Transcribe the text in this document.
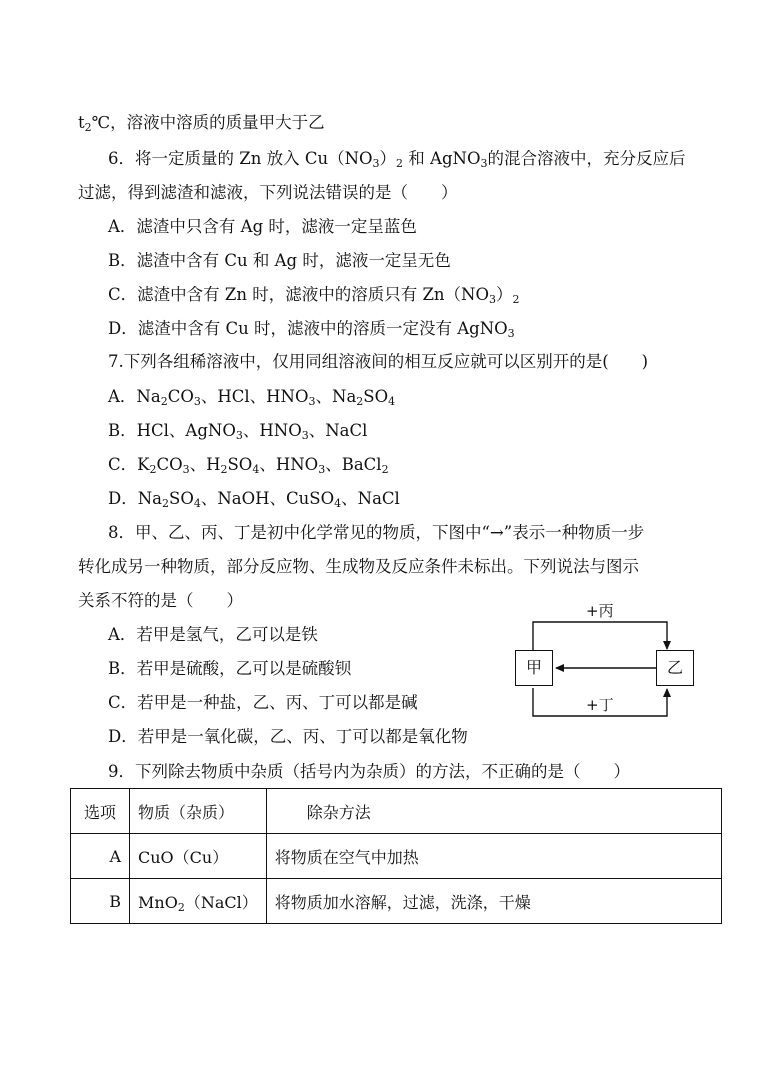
$t_2℃$，溶液中溶质的质量甲大于乙
6．将一定质量的 Zn 放入 $Cu(NO_3)_2$ 和 AgNO$_3$的混合溶液中，充分反应后
过滤，得到滤渣和滤液，下列说法错误的是（　　）
A．滤渣中只含有 Ag 时，滤液一定呈蓝色
B．滤渣中含有 Cu 和 Ag 时，滤液一定呈无色
C．滤渣中含有 Zn 时，滤液中的溶质只有 $Zn(NO_3)_2$
D．滤渣中含有 Cu 时，滤液中的溶质一定没有 AgNO$_3$
7.下列各组稀溶液中，仅用同组溶液间的相互反应就可以区别开的是(　　)
A．$Na_2CO_3$、HCl、$HNO_3$、$Na_2SO_4$
B．HCl、AgNO$_3$、$HNO_3$、NaCl
C．$K_2CO_3$、$H_2SO_4$、$HNO_3$、BaCl$_2$
D．$Na_2SO_4$、NaOH、CuSO$_4$、NaCl
8．甲、乙、丙、丁是初中化学常见的物质，下图中“→”表示一种物质一步
转化成另一种物质，部分反应物、生成物及反应条件未标出。下列说法与图示
关系不符的是（　　）
A．若甲是氢气，乙可以是铁
B．若甲是硫酸，乙可以是硫酸钡
C．若甲是一种盐，乙、丙、丁可以都是碱
D．若甲是一氧化碳，乙、丙、丁可以都是氧化物
甲	乙
+丙
+丁
9．下列除去物质中杂质（括号内为杂质）的方法，不正确的是（　　）
选项	物质（杂质）	除杂方法
A	CuO（Cu）	将物质在空气中加热
B	MnO$_2$（NaCl）	将物质加水溶解，过滤，洗涤，干燥
